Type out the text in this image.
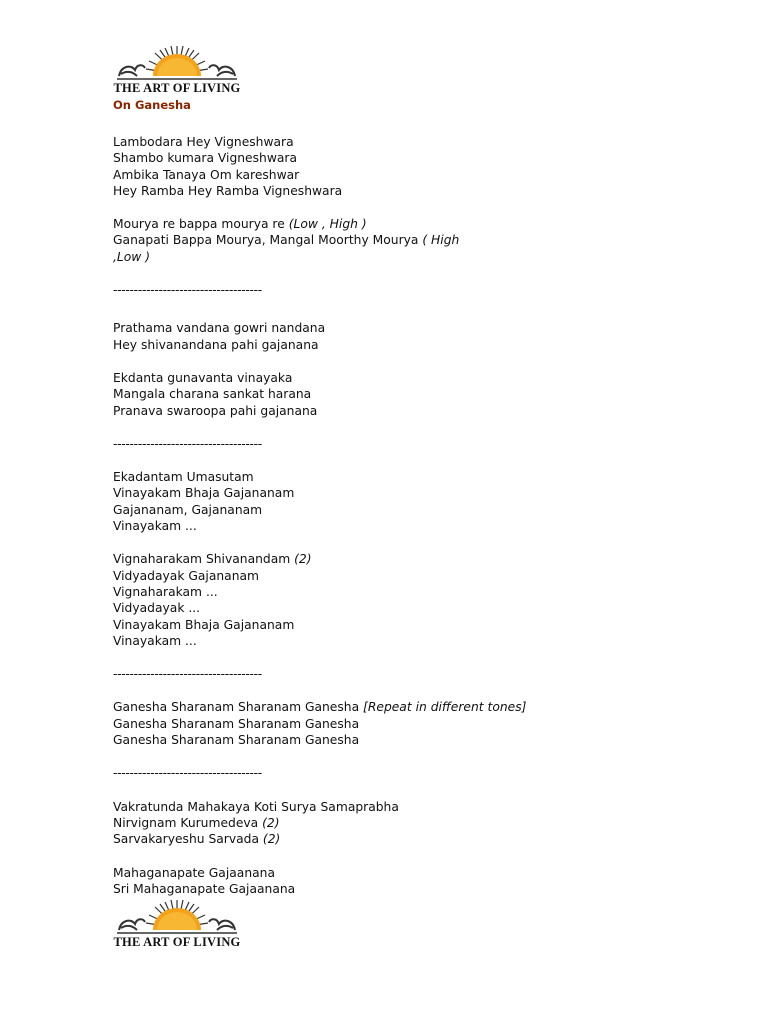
THE ART OF LIVING
On Ganesha
Lambodara Hey Vigneshwara
Shambo kumara Vigneshwara
Ambika Tanaya Om kareshwar
Hey Ramba Hey Ramba Vigneshwara
Mourya re bappa mourya re (Low , High )
Ganapati Bappa Mourya, Mangal Moorthy Mourya ( High
,Low )
------------------------------------
Prathama vandana gowri nandana
Hey shivanandana pahi gajanana
Ekdanta gunavanta vinayaka
Mangala charana sankat harana
Pranava swaroopa pahi gajanana
------------------------------------
Ekadantam Umasutam
Vinayakam Bhaja Gajananam
Gajananam, Gajananam
Vinayakam ...
Vignaharakam Shivanandam (2)
Vidyadayak Gajananam
Vignaharakam ...
Vidyadayak ...
Vinayakam Bhaja Gajananam
Vinayakam ...
------------------------------------
Ganesha Sharanam Sharanam Ganesha [Repeat in different tones]
Ganesha Sharanam Sharanam Ganesha
Ganesha Sharanam Sharanam Ganesha
------------------------------------
Vakratunda Mahakaya Koti Surya Samaprabha
Nirvignam Kurumedeva (2)
Sarvakaryeshu Sarvada (2)
Mahaganapate Gajaanana
Sri Mahaganapate Gajaanana
THE ART OF LIVING
